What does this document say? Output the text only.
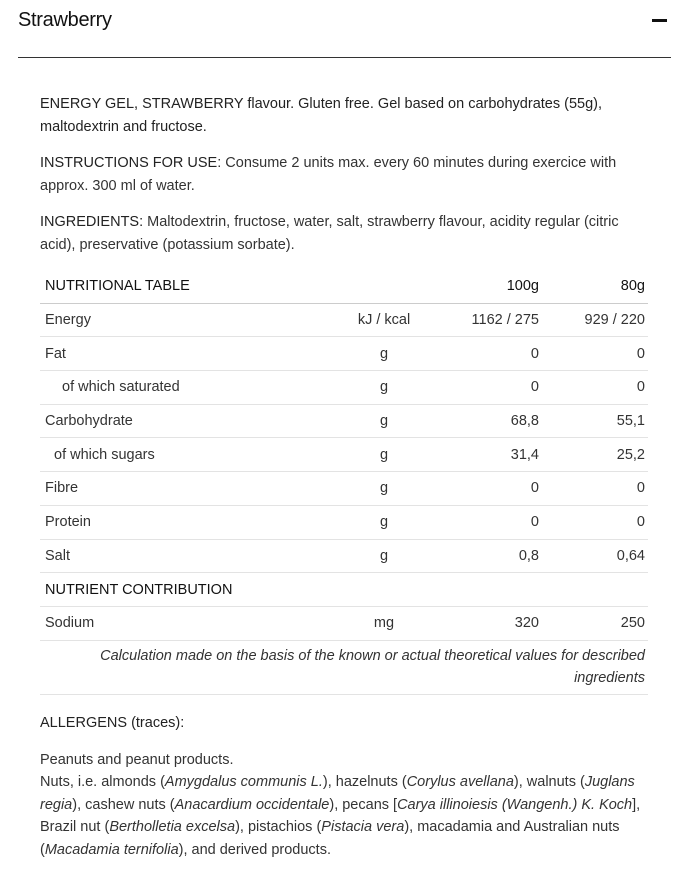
Strawberry

ENERGY GEL, STRAWBERRY flavour. Gluten free. Gel based on carbohydrates (55g), maltodextrin and fructose.

INSTRUCTIONS FOR USE: Consume 2 units max. every 60 minutes during exercice with approx. 300 ml of water.

INGREDIENTS: Maltodextrin, fructose, water, salt, strawberry flavour, acidity regular (citric acid), preservative (potassium sorbate).

NUTRITIONAL TABLE		100g	80g
Energy	kJ / kcal	1162 / 275	929 / 220
Fat	g	0	0
of which saturated	g	0	0
Carbohydrate	g	68,8	55,1
of which sugars	g	31,4	25,2
Fibre	g	0	0
Protein	g	0	0
Salt	g	0,8	0,64
NUTRIENT CONTRIBUTION			
Sodium	mg	320	250
Calculation made on the basis of the known or actual theoretical values for described ingredients			

ALLERGENS (traces):

Peanuts and peanut products.
Nuts, i.e. almonds (Amygdalus communis L.), hazelnuts (Corylus avellana), walnuts (Juglans regia), cashew nuts (Anacardium occidentale), pecans [Carya illinoiesis (Wangenh.) K. Koch], Brazil nut (Bertholletia excelsa), pistachios (Pistacia vera), macadamia and Australian nuts (Macadamia ternifolia), and derived products.
